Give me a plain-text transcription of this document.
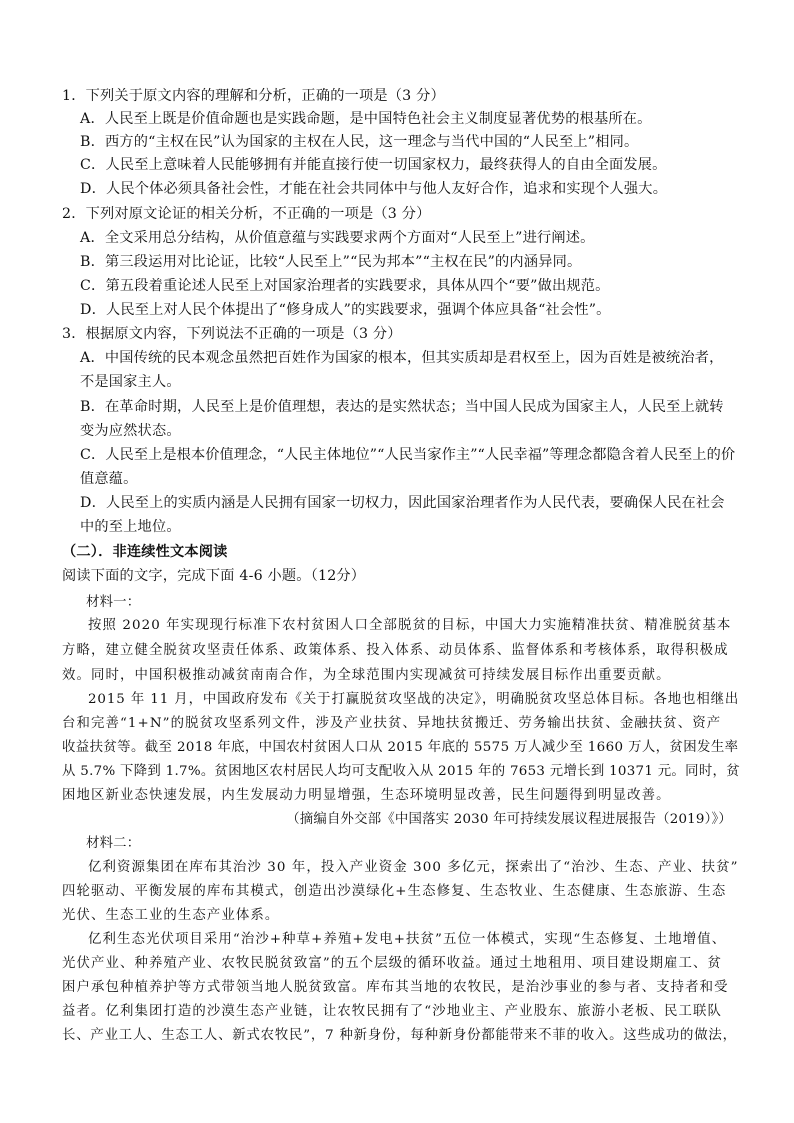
1．下列关于原文内容的理解和分析，正确的一项是（3 分）
A．人民至上既是价值命题也是实践命题，是中国特色社会主义制度显著优势的根基所在。
B．西方的“主权在民”认为国家的主权在人民，这一理念与当代中国的“人民至上”相同。
C．人民至上意味着人民能够拥有并能直接行使一切国家权力，最终获得人的自由全面发展。
D．人民个体必须具备社会性，才能在社会共同体中与他人友好合作，追求和实现个人强大。
2．下列对原文论证的相关分析，不正确的一项是（3 分）
A．全文采用总分结构，从价值意蕴与实践要求两个方面对“人民至上”进行阐述。
B．第三段运用对比论证，比较“人民至上”“民为邦本”“主权在民”的内涵异同。
C．第五段着重论述人民至上对国家治理者的实践要求，具体从四个“要”做出规范。
D．人民至上对人民个体提出了“修身成人”的实践要求，强调个体应具备“社会性”。
3．根据原文内容，下列说法不正确的一项是（3 分）
A．中国传统的民本观念虽然把百姓作为国家的根本，但其实质却是君权至上，因为百姓是被统治者，
不是国家主人。
B．在革命时期，人民至上是价值理想，表达的是实然状态；当中国人民成为国家主人，人民至上就转
变为应然状态。
C．人民至上是根本价值理念，“人民主体地位”“人民当家作主”“人民幸福”等理念都隐含着人民至上的价
值意蕴。
D．人民至上的实质内涵是人民拥有国家一切权力，因此国家治理者作为人民代表，要确保人民在社会
中的至上地位。
（二）．非连续性文本阅读
阅读下面的文字，完成下面 4-6 小题。（12分）
材料一：
按照 2020 年实现现行标准下农村贫困人口全部脱贫的目标，中国大力实施精准扶贫、精准脱贫基本
方略，建立健全脱贫攻坚责任体系、政策体系、投入体系、动员体系、监督体系和考核体系，取得积极成
效。同时，中国积极推动减贫南南合作，为全球范围内实现减贫可持续发展目标作出重要贡献。
2015 年 11 月，中国政府发布《关于打赢脱贫攻坚战的决定》，明确脱贫攻坚总体目标。各地也相继出
台和完善“1+N”的脱贫攻坚系列文件，涉及产业扶贫、异地扶贫搬迁、劳务输出扶贫、金融扶贫、资产
收益扶贫等。截至 2018 年底，中国农村贫困人口从 2015 年底的 5575 万人减少至 1660 万人，贫困发生率
从 5.7% 下降到 1.7%。贫困地区农村居民人均可支配收入从 2015 年的 7653 元增长到 10371 元。同时，贫
困地区新业态快速发展，内生发展动力明显增强，生态环境明显改善，民生问题得到明显改善。
（摘编自外交部《中国落实 2030 年可持续发展议程进展报告（2019）》）
材料二：
亿利资源集团在库布其治沙 30 年，投入产业资金 300 多亿元，探索出了“治沙、生态、产业、扶贫”
四轮驱动、平衡发展的库布其模式，创造出沙漠绿化+生态修复、生态牧业、生态健康、生态旅游、生态
光伏、生态工业的生态产业体系。
亿利生态光伏项目采用“治沙+种草+养殖+发电+扶贫”五位一体模式，实现“生态修复、土地增值、
光伏产业、种养殖产业、农牧民脱贫致富”的五个层级的循环收益。通过土地租用、项目建设期雇工、贫
困户承包种植养护等方式带领当地人脱贫致富。库布其当地的农牧民，是治沙事业的参与者、支持者和受
益者。亿利集团打造的沙漠生态产业链，让农牧民拥有了“沙地业主、产业股东、旅游小老板、民工联队
长、产业工人、生态工人、新式农牧民”，7 种新身份，每种新身份都能带来不菲的收入。这些成功的做法，
